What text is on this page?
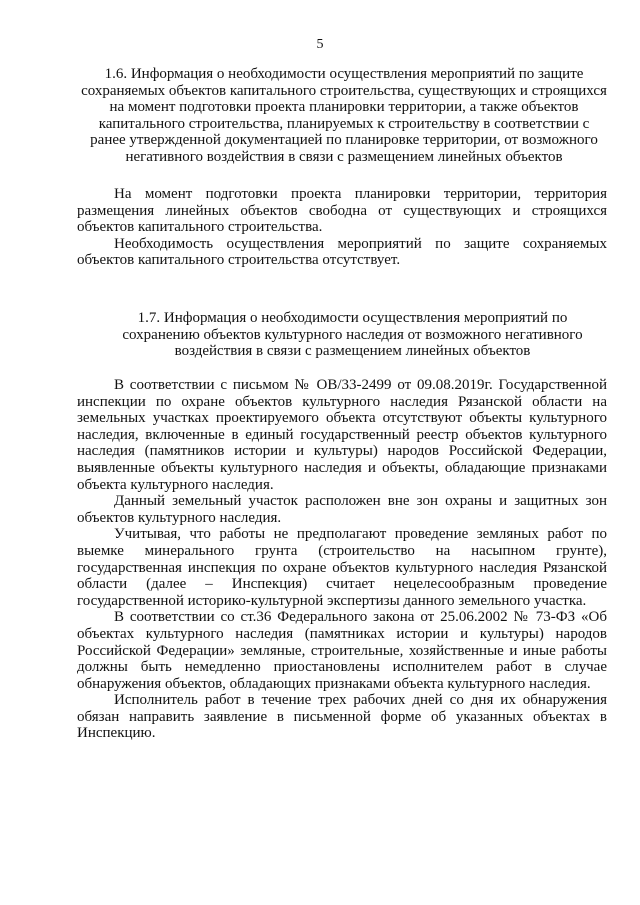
5
1.6. Информация о необходимости осуществления мероприятий по защите сохраняемых объектов капитального строительства, существующих и строящихся на момент подготовки проекта планировки территории, а также объектов капитального строительства, планируемых к строительству в соответствии с ранее утвержденной документацией по планировке территории, от возможного негативного воздействия в связи с размещением линейных объектов

На момент подготовки проекта планировки территории, территория размещения линейных объектов свободна от существующих и строящихся объектов капитального строительства.

Необходимость осуществления мероприятий по защите сохраняемых объектов капитального строительства отсутствует.

1.7. Информация о необходимости осуществления мероприятий по сохранению объектов культурного наследия от возможного негативного воздействия в связи с размещением линейных объектов

В соответствии с письмом № ОВ/33-2499 от 09.08.2019г. Государственной инспекции по охране объектов культурного наследия Рязанской области на земельных участках проектируемого объекта отсутствуют объекты культурного наследия, включенные в единый государственный реестр объектов культурного наследия (памятников истории и культуры) народов Российской Федерации, выявленные объекты культурного наследия и объекты, обладающие признаками объекта культурного наследия.

Данный земельный участок расположен вне зон охраны и защитных зон объектов культурного наследия.

Учитывая, что работы не предполагают проведение земляных работ по выемке минерального грунта (строительство на насыпном грунте), государственная инспекция по охране объектов культурного наследия Рязанской области (далее – Инспекция) считает нецелесообразным проведение государственной историко-культурной экспертизы данного земельного участка.

В соответствии со ст.36 Федерального закона от 25.06.2002 № 73-ФЗ «Об объектах культурного наследия (памятниках истории и культуры) народов Российской Федерации» земляные, строительные, хозяйственные и иные работы должны быть немедленно приостановлены исполнителем работ в случае обнаружения объектов, обладающих признаками объекта культурного наследия.

Исполнитель работ в течение трех рабочих дней со дня их обнаружения обязан направить заявление в письменной форме об указанных объектах в Инспекцию.
